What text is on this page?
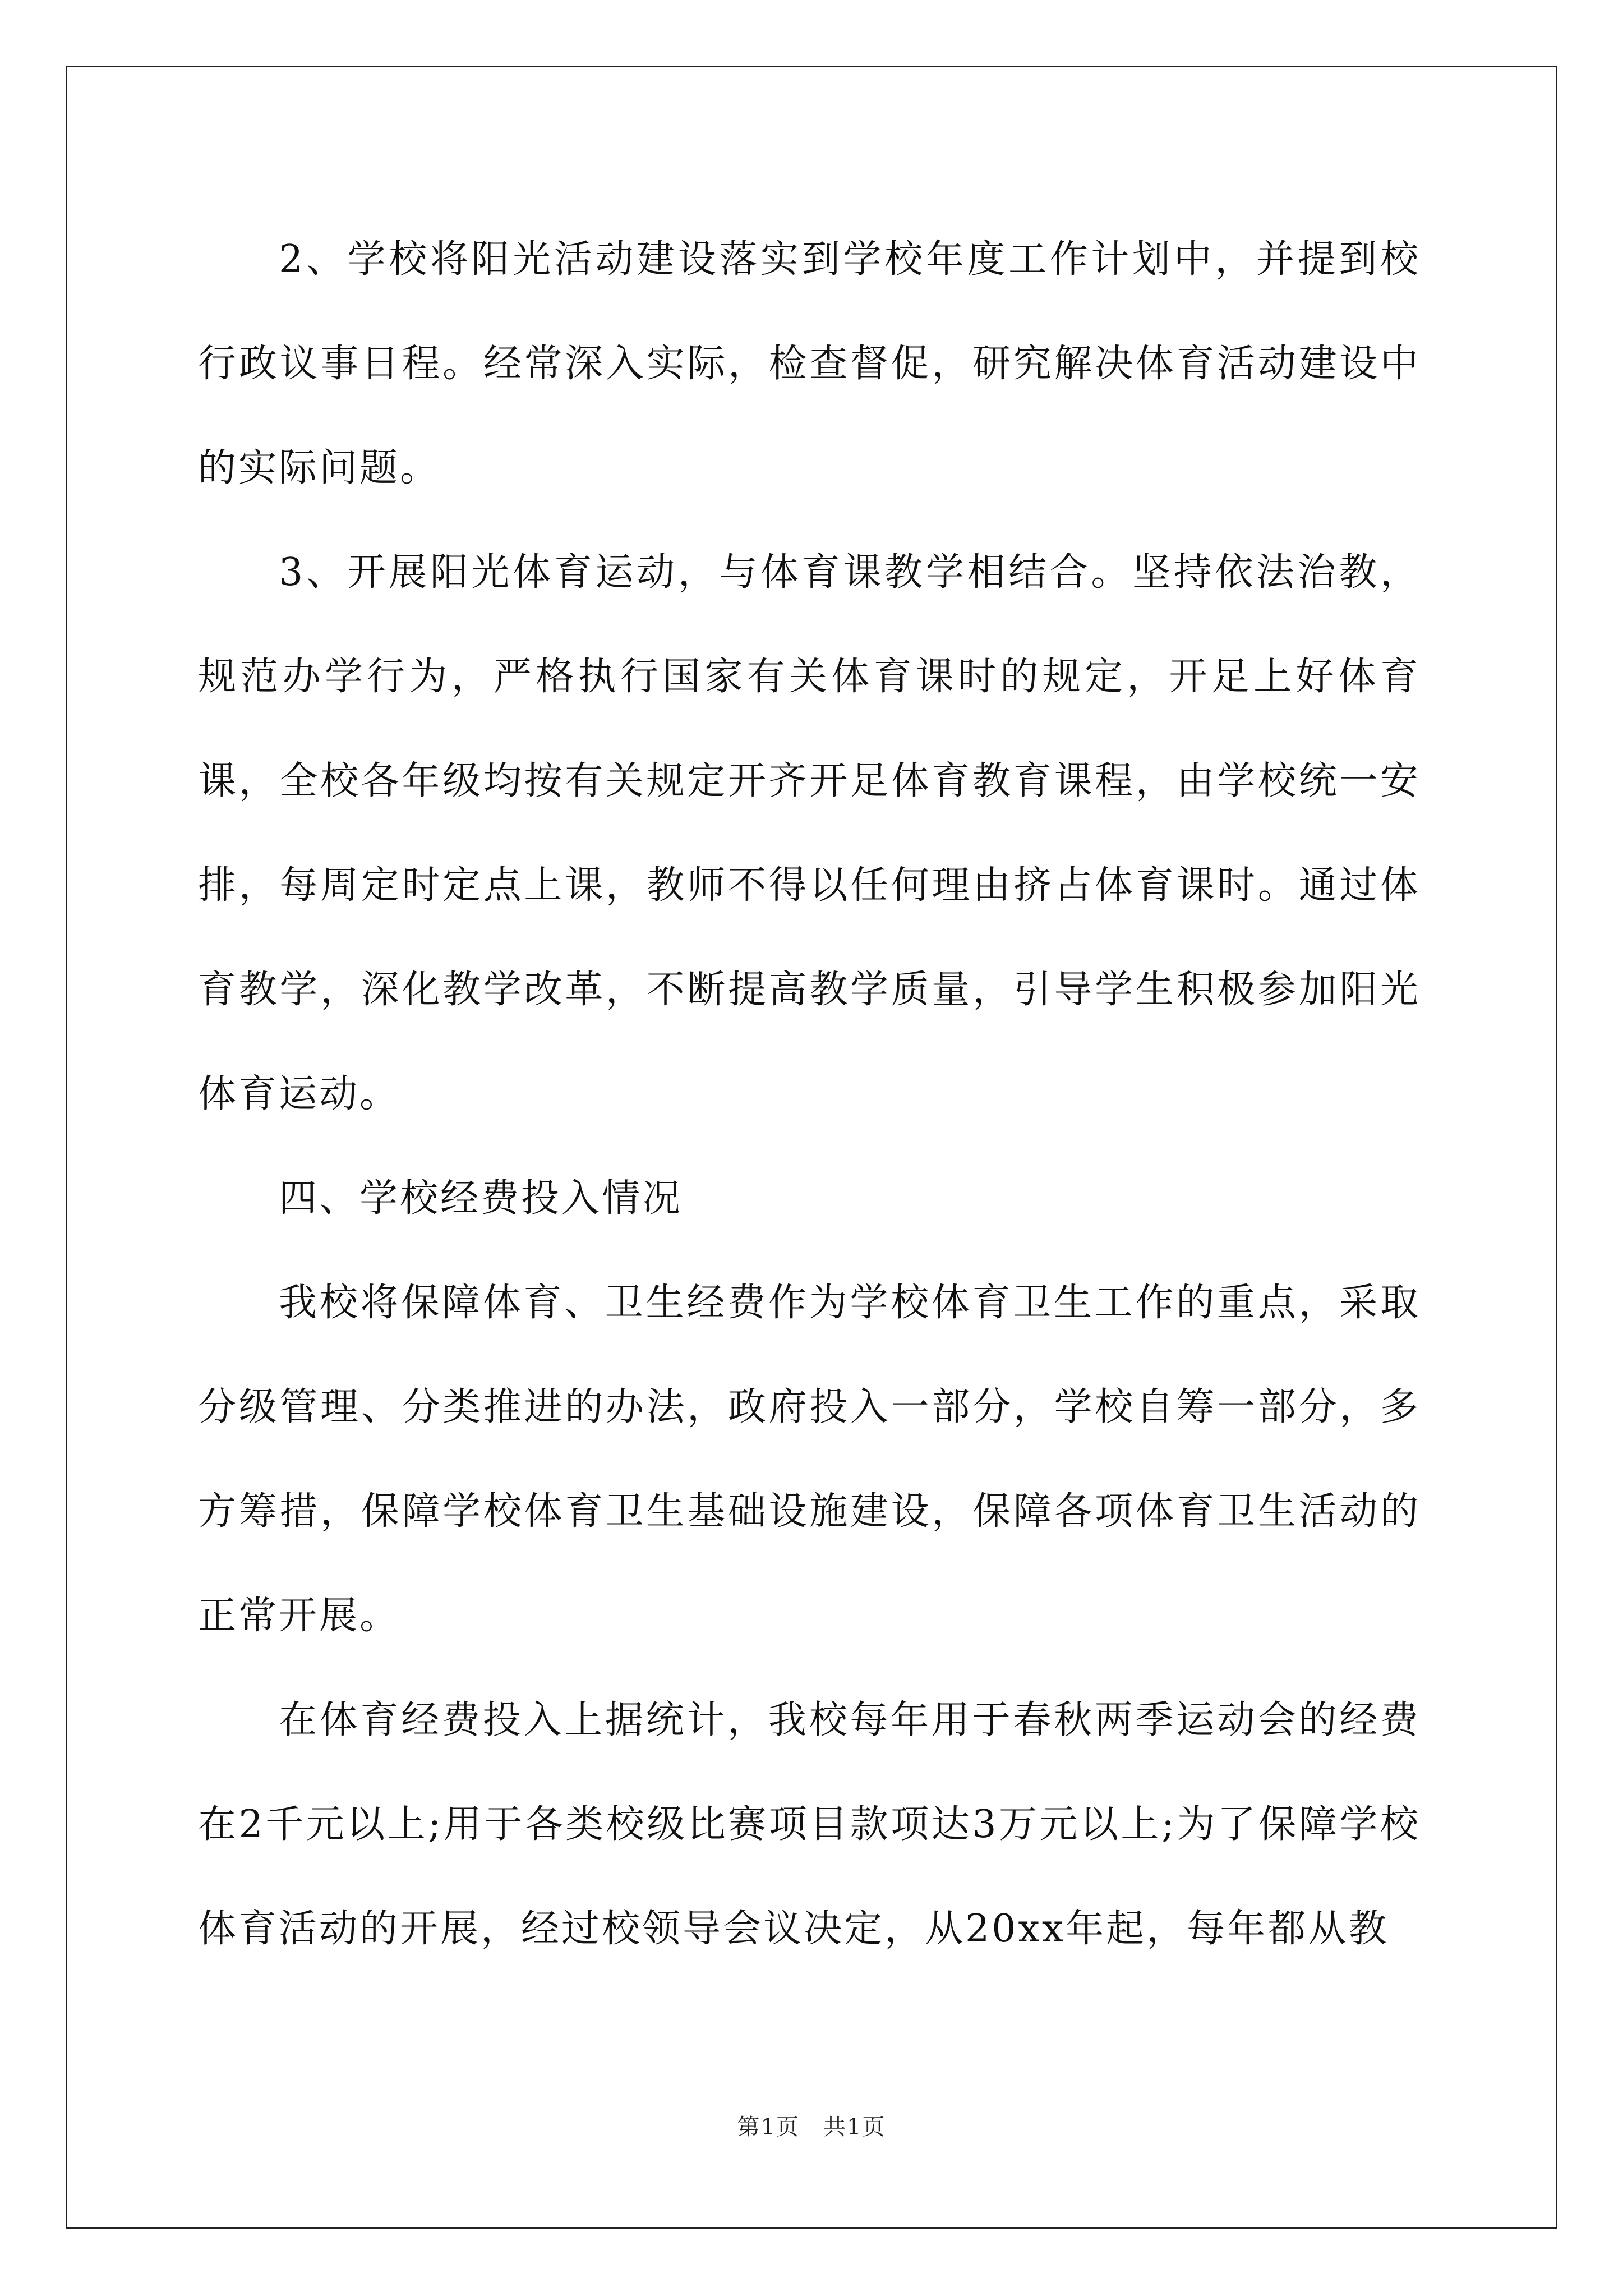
2、学校将阳光活动建设落实到学校年度工作计划中，并提到校行政议事日程。经常深入实际，检查督促，研究解决体育活动建设中的实际问题。

3、开展阳光体育运动，与体育课教学相结合。坚持依法治教，规范办学行为，严格执行国家有关体育课时的规定，开足上好体育课，全校各年级均按有关规定开齐开足体育教育课程，由学校统一安排，每周定时定点上课，教师不得以任何理由挤占体育课时。通过体育教学，深化教学改革，不断提高教学质量，引导学生积极参加阳光体育运动。

四、学校经费投入情况

我校将保障体育、卫生经费作为学校体育卫生工作的重点，采取分级管理、分类推进的办法，政府投入一部分，学校自筹一部分，多方筹措，保障学校体育卫生基础设施建设，保障各项体育卫生活动的正常开展。

在体育经费投入上据统计，我校每年用于春秋两季运动会的经费在2千元以上;用于各类校级比赛项目款项达3万元以上;为了保障学校体育活动的开展，经过校领导会议决定，从20xx年起，每年都从教

第1页　共1页
